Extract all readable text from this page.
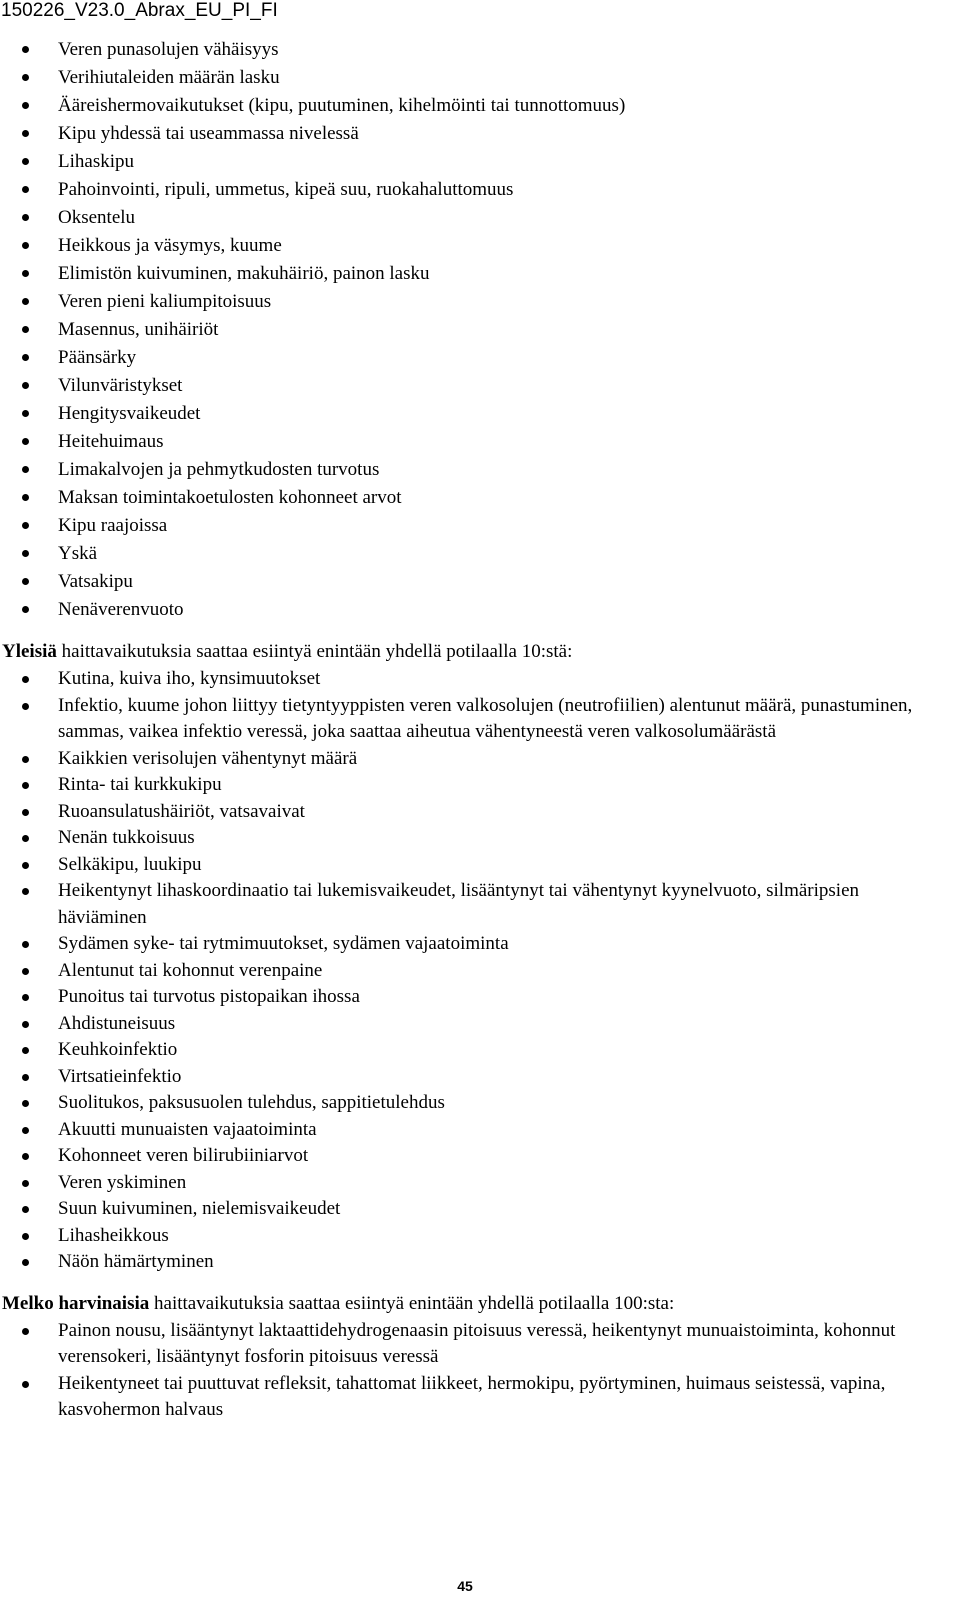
150226_V23.0_Abrax_EU_PI_FI
Veren punasolujen vähäisyys
Verihiutaleiden määrän lasku
Ääreishermovaikutukset (kipu, puutuminen, kihelmöinti tai tunnottomuus)
Kipu yhdessä tai useammassa nivelessä
Lihaskipu
Pahoinvointi, ripuli, ummetus, kipeä suu, ruokahaluttomuus
Oksentelu
Heikkous ja väsymys, kuume
Elimistön kuivuminen, makuhäiriö, painon lasku
Veren pieni kaliumpitoisuus
Masennus, unihäiriöt
Päänsärky
Vilunväristykset
Hengitysvaikeudet
Heitehuimaus
Limakalvojen ja pehmytkudosten turvotus
Maksan toimintakoetulosten kohonneet arvot
Kipu raajoissa
Yskä
Vatsakipu
Nenäverenvuoto
Yleisiä haittavaikutuksia saattaa esiintyä enintään yhdellä potilaalla 10:stä:
Kutina, kuiva iho, kynsimuutokset
Infektio, kuume johon liittyy tietyntyyppisten veren valkosolujen (neutrofiilien) alentunut määrä, punastuminen, sammas, vaikea infektio veressä, joka saattaa aiheutua vähentyneestä veren valkosolumäärästä
Kaikkien verisolujen vähentynyt määrä
Rinta- tai kurkkukipu
Ruoansulatushäiriöt, vatsavaivat
Nenän tukkoisuus
Selkäkipu, luukipu
Heikentynyt lihaskoordinaatio tai lukemisvaikeudet, lisääntynyt tai vähentynyt kyynelvuoto, silmäripsien häviäminen
Sydämen syke- tai rytmimuutokset, sydämen vajaatoiminta
Alentunut tai kohonnut verenpaine
Punoitus tai turvotus pistopaikan ihossa
Ahdistuneisuus
Keuhkoinfektio
Virtsatieinfektio
Suolitukos, paksusuolen tulehdus, sappitietulehdus
Akuutti munuaisten vajaatoiminta
Kohonneet veren bilirubiiniarvot
Veren yskiminen
Suun kuivuminen, nielemisvaikeudet
Lihasheikkous
Näön hämärtyminen
Melko harvinaisia haittavaikutuksia saattaa esiintyä enintään yhdellä potilaalla 100:sta:
Painon nousu, lisääntynyt laktaattidehydrogenaasin pitoisuus veressä, heikentynyt munuaistoiminta, kohonnut verensokeri, lisääntynyt fosforin pitoisuus veressä
Heikentyneet tai puuttuvat refleksit, tahattomat liikkeet, hermokipu, pyörtyminen, huimaus seistessä, vapina, kasvohermon halvaus
45
